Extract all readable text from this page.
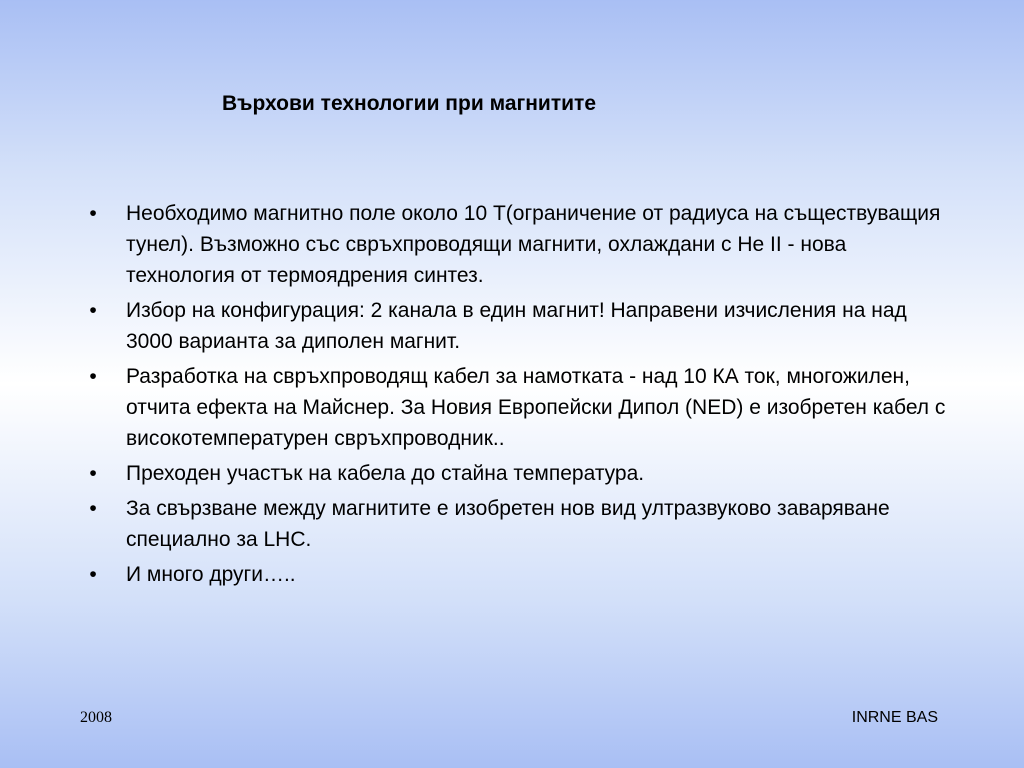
Върхови технологии при магнитите
• Необходимо магнитно поле около 10 T(ограничение от радиуса на съществуващия тунел). Възможно със свръхпроводящи магнити, охлаждани с He II - нова технология от термоядрения синтез.
• Избор на конфигурация: 2 канала в един магнит! Направени изчисления на над 3000 варианта за диполен магнит.
• Разработка на свръхпроводящ кабел за намотката - над 10 КА ток, многожилен, отчита ефекта на Майснер. За Новия Европейски Дипол (NED) е изобретен кабел с високотемпературен свръхпроводник..
• Преходен участък на кабела до стайна температура.
• За свързване между магнитите е изобретен нов вид ултразвуково заваряване специално за LHC.
• И много други…..
2008	INRNE BAS
